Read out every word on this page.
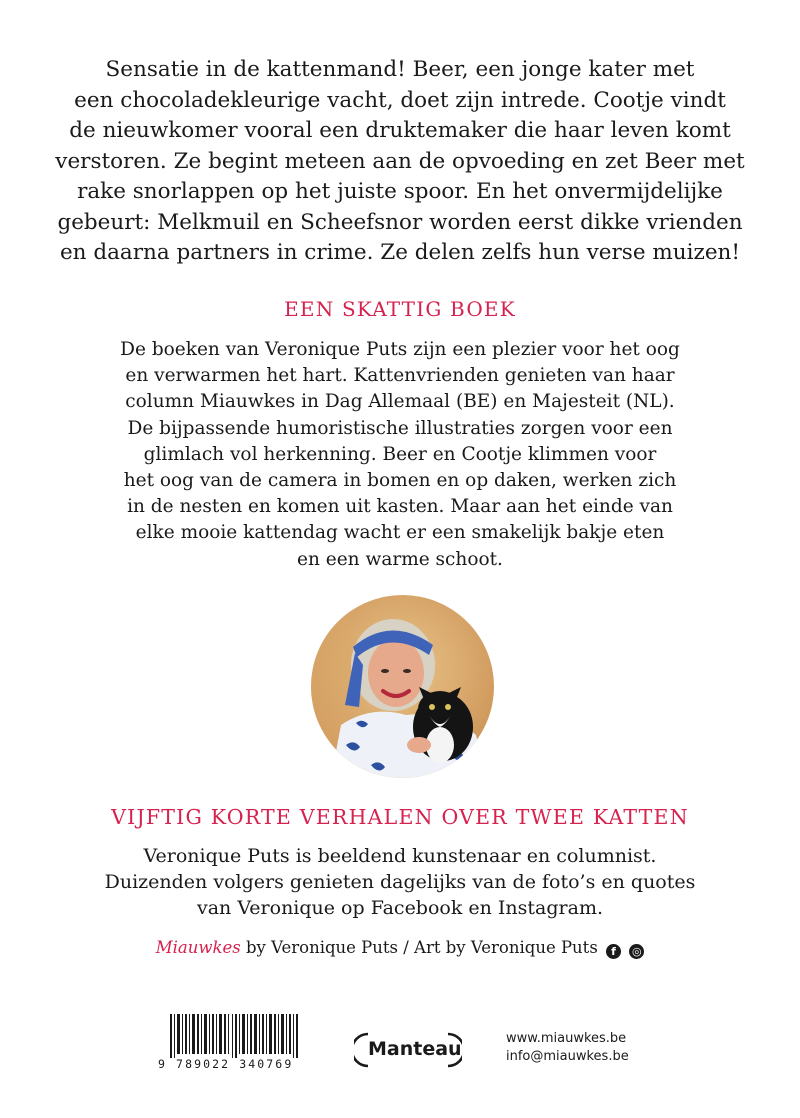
Sensatie in de kattenmand! Beer, een jonge kater met
een chocoladekleurige vacht, doet zijn intrede. Cootje vindt
de nieuwkomer vooral een druktemaker die haar leven komt
verstoren. Ze begint meteen aan de opvoeding en zet Beer met
rake snorlappen op het juiste spoor. En het onvermijdelijke
gebeurt: Melkmuil en Scheefsnor worden eerst dikke vrienden
en daarna partners in crime. Ze delen zelfs hun verse muizen!
EEN SKATTIG BOEK
De boeken van Veronique Puts zijn een plezier voor het oog
en verwarmen het hart. Kattenvrienden genieten van haar
column Miauwkes in Dag Allemaal (BE) en Majesteit (NL).
De bijpassende humoristische illustraties zorgen voor een
glimlach vol herkenning. Beer en Cootje klimmen voor
het oog van de camera in bomen en op daken, werken zich
in de nesten en komen uit kasten. Maar aan het einde van
elke mooie kattendag wacht er een smakelijk bakje eten
en een warme schoot.
VIJFTIG KORTE VERHALEN OVER TWEE KATTEN
Veronique Puts is beeldend kunstenaar en columnist.
Duizenden volgers genieten dagelijks van de foto’s en quotes
van Veronique op Facebook en Instagram.
Miauwkes by Veronique Puts / Art by Veronique Puts f ◎
9 789022 340769
Manteau	www.miauwkes.be
info@miauwkes.be
